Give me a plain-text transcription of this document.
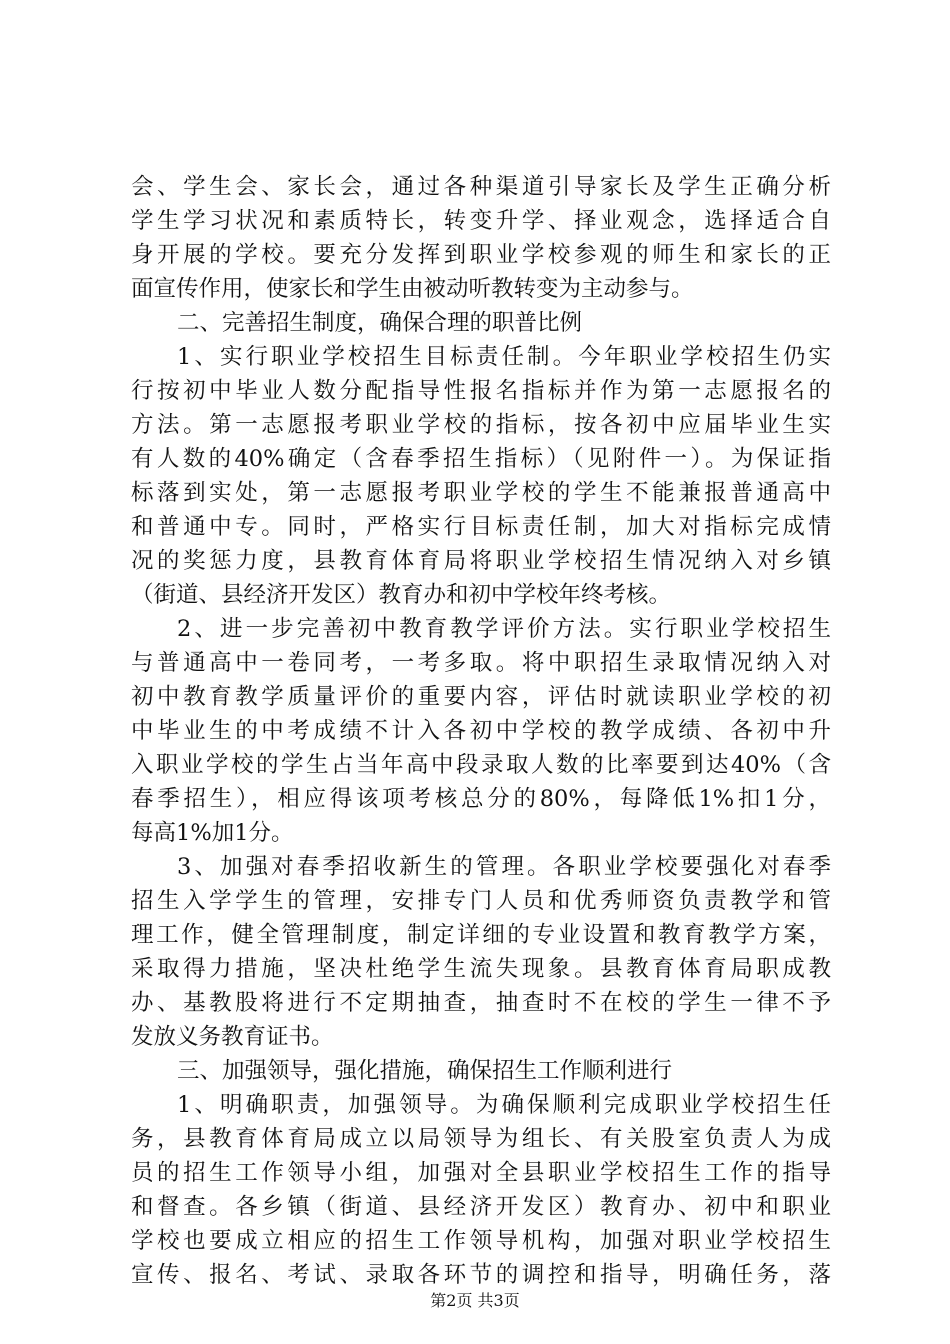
会、学生会、家长会，通过各种渠道引导家长及学生正确分析
学生学习状况和素质特长，转变升学、择业观念，选择适合自
身开展的学校。要充分发挥到职业学校参观的师生和家长的正
面宣传作用，使家长和学生由被动听教转变为主动参与。
二、完善招生制度，确保合理的职普比例
1、实行职业学校招生目标责任制。今年职业学校招生仍实
行按初中毕业人数分配指导性报名指标并作为第一志愿报名的
方法。第一志愿报考职业学校的指标，按各初中应届毕业生实
有人数的40%确定（含春季招生指标）（见附件一）。为保证指
标落到实处，第一志愿报考职业学校的学生不能兼报普通高中
和普通中专。同时，严格实行目标责任制，加大对指标完成情
况的奖惩力度，县教育体育局将职业学校招生情况纳入对乡镇
（街道、县经济开发区）教育办和初中学校年终考核。
2、进一步完善初中教育教学评价方法。实行职业学校招生
与普通高中一卷同考，一考多取。将中职招生录取情况纳入对
初中教育教学质量评价的重要内容，评估时就读职业学校的初
中毕业生的中考成绩不计入各初中学校的教学成绩、各初中升
入职业学校的学生占当年高中段录取人数的比率要到达40%（含
春季招生），相应得该项考核总分的80%，每降低1%扣1分，
每高1%加1分。
3、加强对春季招收新生的管理。各职业学校要强化对春季
招生入学学生的管理，安排专门人员和优秀师资负责教学和管
理工作，健全管理制度，制定详细的专业设置和教育教学方案，
采取得力措施，坚决杜绝学生流失现象。县教育体育局职成教
办、基教股将进行不定期抽查，抽查时不在校的学生一律不予
发放义务教育证书。
三、加强领导，强化措施，确保招生工作顺利进行
1、明确职责，加强领导。为确保顺利完成职业学校招生任
务，县教育体育局成立以局领导为组长、有关股室负责人为成
员的招生工作领导小组，加强对全县职业学校招生工作的指导
和督查。各乡镇（街道、县经济开发区）教育办、初中和职业
学校也要成立相应的招生工作领导机构，加强对职业学校招生
宣传、报名、考试、录取各环节的调控和指导，明确任务，落
第2页 共3页
